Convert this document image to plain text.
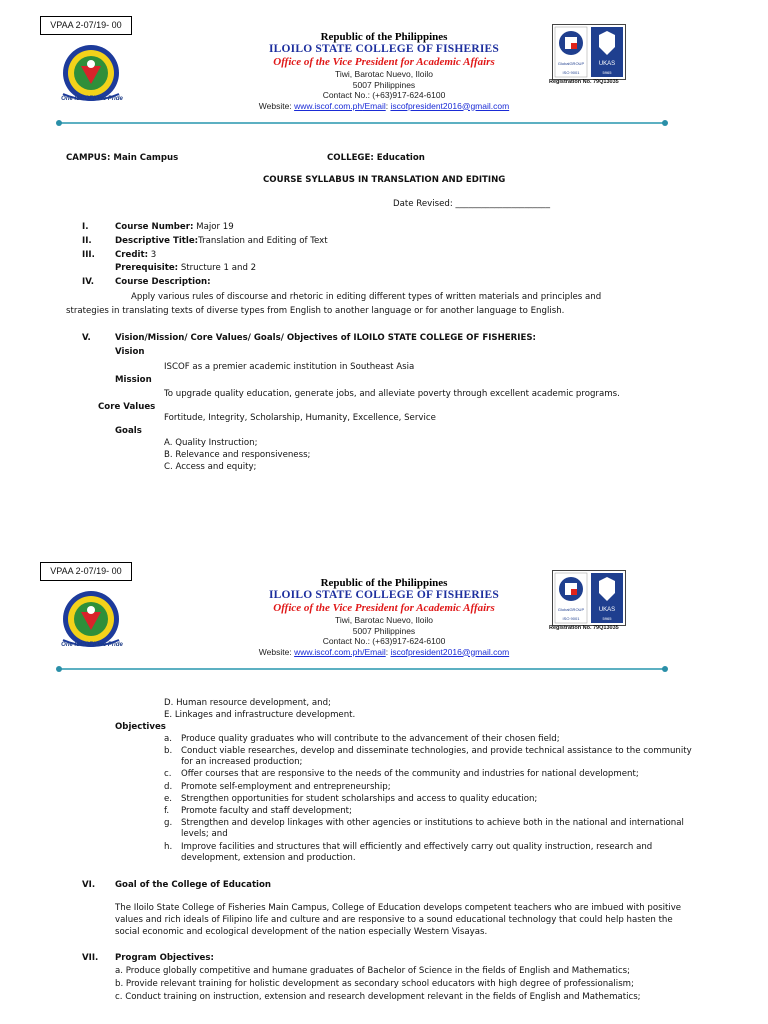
VPAA 2-07/19- 00
One ISCOF/One Pride
Republic of the Philippines
ILOILO STATE COLLEGE OF FISHERIES
Office of the Vice President for Academic Affairs
Tiwi, Barotac Nuevo, Iloilo
5007 Philippines
Contact No.: (+63)917-624-6100
Website: www.iscof.com.ph/Email: iscofpresident2016@gmail.com
UKAS
5965
GlobalGROUP
ISO 9001
Registration No. 79Q13035
CAMPUS: Main Campus	COLLEGE: Education
COURSE SYLLABUS IN TRANSLATION AND EDITING
Date Revised: ______________________
I.	Course Number: Major 19
II.	Descriptive Title:Translation and Editing of Text
III. Credit: 3
Prerequisite: Structure 1 and 2
IV. Course Description:
Apply various rules of discourse and rhetoric in editing different types of written materials and principles and
strategies in translating texts of diverse types from English to another language or for another language to English.
V.	Vision/Mission/ Core Values/ Goals/ Objectives of ILOILO STATE COLLEGE OF FISHERIES:
Vision
ISCOF as a premier academic institution in Southeast Asia
Mission
To upgrade quality education, generate jobs, and alleviate poverty through excellent academic programs.
Core Values
Fortitude, Integrity, Scholarship, Humanity, Excellence, Service
Goals
A. Quality Instruction;
B. Relevance and responsiveness;
C. Access and equity;
VPAA 2-07/19- 00
One ISCOF/One Pride
Republic of the Philippines
ILOILO STATE COLLEGE OF FISHERIES
Office of the Vice President for Academic Affairs
Tiwi, Barotac Nuevo, Iloilo
5007 Philippines
Contact No.: (+63)917-624-6100
Website: www.iscof.com.ph/Email: iscofpresident2016@gmail.com
UKAS
5965
GlobalGROUP
ISO 9001
Registration No. 79Q13035
D. Human resource development, and;
E. Linkages and infrastructure development.
Objectives
a. Produce quality graduates who will contribute to the advancement of their chosen field;
b. Conduct viable researches, develop and disseminate technologies, and provide technical assistance to the community
for an increased production;
c. Offer courses that are responsive to the needs of the community and industries for national development;
d. Promote self-employment and entrepreneurship;
e. Strengthen opportunities for student scholarships and access to quality education;
f. Promote faculty and staff development;
g. Strengthen and develop linkages with other agencies or institutions to achieve both in the national and international
levels; and
h. Improve facilities and structures that will efficiently and effectively carry out quality instruction, research and
development, extension and production.
VI. Goal of the College of Education
The Iloilo State College of Fisheries Main Campus, College of Education develops competent teachers who are imbued with positive
values and rich ideals of Filipino life and culture and are responsive to a sound educational technology that could help hasten the
social economic and ecological development of the nation especially Western Visayas.
VII. Program Objectives:
a. Produce globally competitive and humane graduates of Bachelor of Science in the fields of English and Mathematics;
b. Provide relevant training for holistic development as secondary school educators with high degree of professionalism;
c. Conduct training on instruction, extension and research development relevant in the fields of English and Mathematics;
